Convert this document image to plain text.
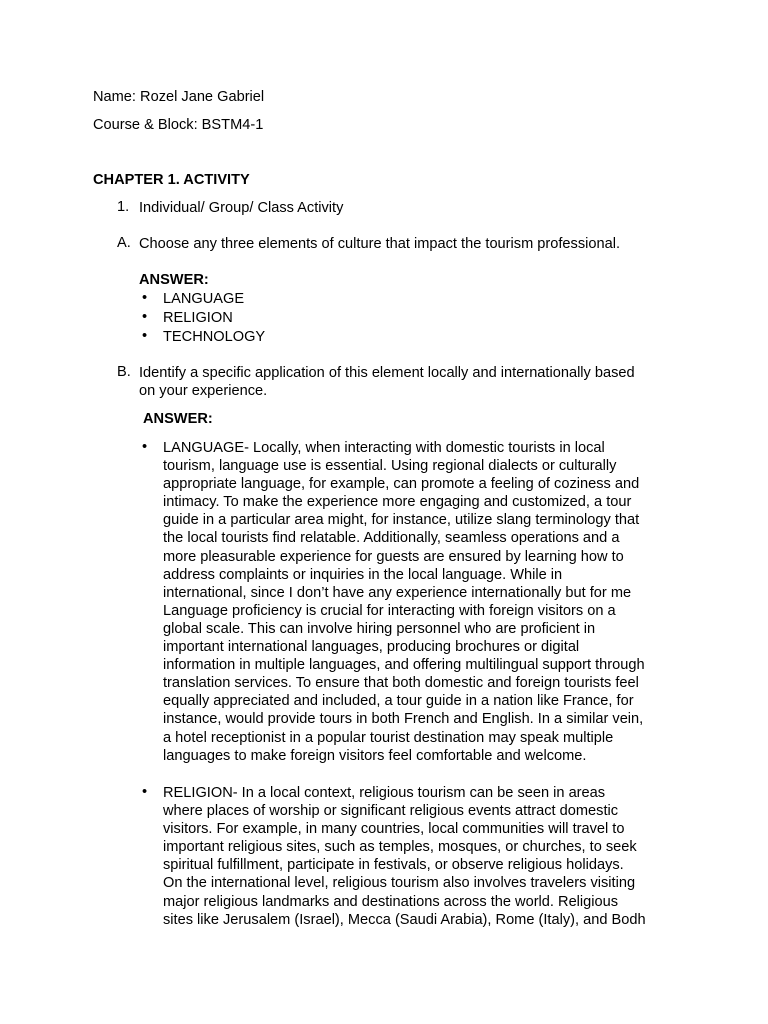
Name: Rozel Jane Gabriel
Course & Block: BSTM4-1
CHAPTER 1. ACTIVITY
1. Individual/ Group/ Class Activity
A. Choose any three elements of culture that impact the tourism professional.
ANSWER:
•	LANGUAGE
•	RELIGION
•	TECHNOLOGY
B. Identify a specific application of this element locally and internationally based
on your experience.
ANSWER:
•	LANGUAGE- Locally, when interacting with domestic tourists in local
tourism, language use is essential. Using regional dialects or culturally
appropriate language, for example, can promote a feeling of coziness and
intimacy. To make the experience more engaging and customized, a tour
guide in a particular area might, for instance, utilize slang terminology that
the local tourists find relatable. Additionally, seamless operations and a
more pleasurable experience for guests are ensured by learning how to
address complaints or inquiries in the local language. While in
international, since I don’t have any experience internationally but for me
Language proficiency is crucial for interacting with foreign visitors on a
global scale. This can involve hiring personnel who are proficient in
important international languages, producing brochures or digital
information in multiple languages, and offering multilingual support through
translation services. To ensure that both domestic and foreign tourists feel
equally appreciated and included, a tour guide in a nation like France, for
instance, would provide tours in both French and English. In a similar vein,
a hotel receptionist in a popular tourist destination may speak multiple
languages to make foreign visitors feel comfortable and welcome.
•	RELIGION- In a local context, religious tourism can be seen in areas
where places of worship or significant religious events attract domestic
visitors. For example, in many countries, local communities will travel to
important religious sites, such as temples, mosques, or churches, to seek
spiritual fulfillment, participate in festivals, or observe religious holidays.
On the international level, religious tourism also involves travelers visiting
major religious landmarks and destinations across the world. Religious
sites like Jerusalem (Israel), Mecca (Saudi Arabia), Rome (Italy), and Bodh
